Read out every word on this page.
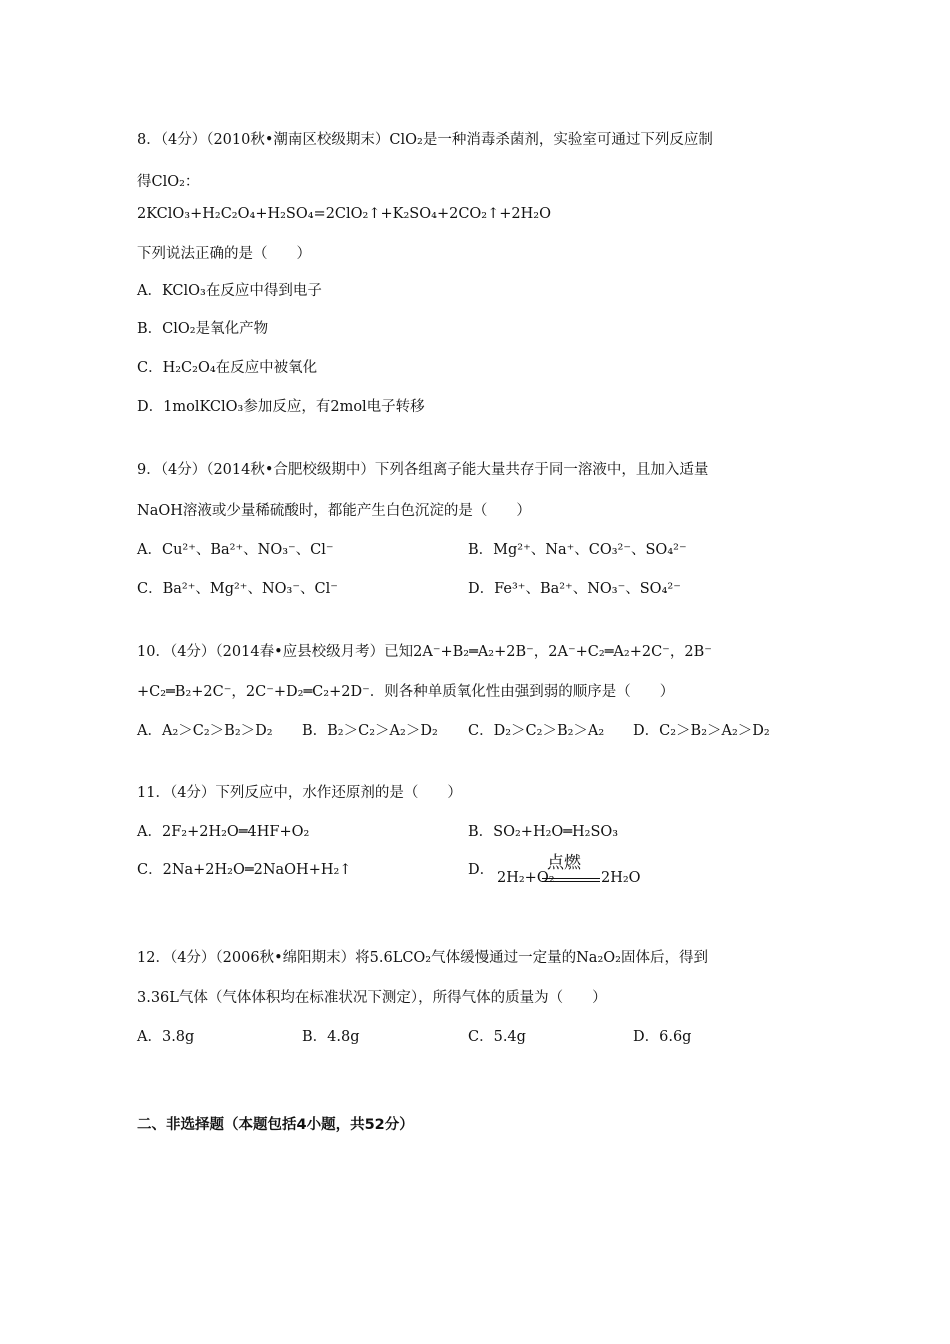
8．（4分）（2010秋•潮南区校级期末）ClO₂是一种消毒杀菌剂，实验室可通过下列反应制
得ClO₂：
2KClO₃+H₂C₂O₄+H₂SO₄=2ClO₂↑+K₂SO₄+2CO₂↑+2H₂O
下列说法正确的是（　　）
A．KClO₃在反应中得到电子
B．ClO₂是氧化产物
C．H₂C₂O₄在反应中被氧化
D．1molKClO₃参加反应，有2mol电子转移
9．（4分）（2014秋•合肥校级期中）下列各组离子能大量共存于同一溶液中，且加入适量
NaOH溶液或少量稀硫酸时，都能产生白色沉淀的是（　　）
A．Cu²⁺、Ba²⁺、NO₃⁻、Cl⁻	B．Mg²⁺、Na⁺、CO₃²⁻、SO₄²⁻
C．Ba²⁺、Mg²⁺、NO₃⁻、Cl⁻	D．Fe³⁺、Ba²⁺、NO₃⁻、SO₄²⁻
10．（4分）（2014春•应县校级月考）已知2A⁻+B₂═A₂+2B⁻，2A⁻+C₂═A₂+2C⁻，2B⁻
+C₂═B₂+2C⁻，2C⁻+D₂═C₂+2D⁻．则各种单质氧化性由强到弱的顺序是（　　）
A．A₂＞C₂＞B₂＞D₂ B．B₂＞C₂＞A₂＞D₂ C．D₂＞C₂＞B₂＞A₂ D．C₂＞B₂＞A₂＞D₂
11．（4分）下列反应中，水作还原剂的是（　　）
A．2F₂+2H₂O═4HF+O₂	B．SO₂+H₂O═H₂SO₃
C．2Na+2H₂O═2NaOH+H₂↑	D． 2H₂+O₂
点燃
2H₂O
12．（4分）（2006秋•绵阳期末）将5.6LCO₂气体缓慢通过一定量的Na₂O₂固体后，得到
3.36L气体（气体体积均在标准状况下测定），所得气体的质量为（　　）
A．3.8g	B．4.8g	C．5.4g	D．6.6g
二、非选择题（本题包括4小题，共52分）
